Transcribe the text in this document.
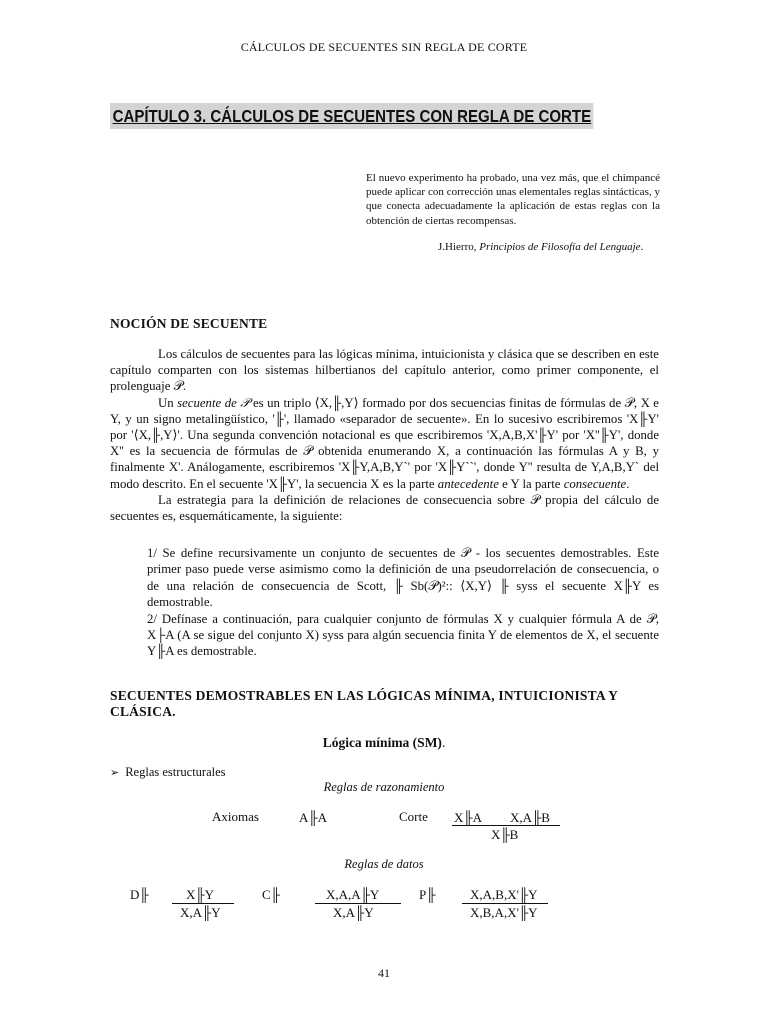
CÁLCULOS DE SECUENTES SIN REGLA DE CORTE
CAPÍTULO 3. CÁLCULOS DE SECUENTES CON REGLA DE CORTE
El nuevo experimento ha probado, una vez más, que el chimpancé puede aplicar con corrección unas elementales reglas sintácticas, y que conecta adecuadamente la aplicación de estas reglas con la obtención de ciertas recompensas.
J.Hierro, Principios de Filosofía del Lenguaje.
NOCIÓN DE SECUENTE

Los cálculos de secuentes para las lógicas mínima, intuicionista y clásica que se describen en este capítulo comparten con los sistemas hilbertianos del capítulo anterior, como primer componente, el prolenguaje 𝒫.

Un secuente de 𝒫 es un triplo ⟨X,╟,Y⟩ formado por dos secuencias finitas de fórmulas de 𝒫, X e Y, y un signo metalingüístico, '╟', llamado «separador de secuente». En lo sucesivo escribiremos 'X╟Y' por '⟨X,╟,Y⟩'. Una segunda convención notacional es que escribiremos 'X,A,B,X'╟Y' por 'X''╟Y', donde X'' es la secuencia de fórmulas de 𝒫 obtenida enumerando X, a continuación las fórmulas A y B, y finalmente X'. Análogamente, escribiremos 'X╟Y,A,B,Y`' por 'X╟Y``', donde Y'' resulta de Y,A,B,Y` del modo descrito. En el secuente 'X╟Y', la secuencia X es la parte antecedente e Y la parte consecuente.

La estrategia para la definición de relaciones de consecuencia sobre 𝒫 propia del cálculo de secuentes es, esquemáticamente, la siguiente:

1/ Se define recursivamente un conjunto de secuentes de 𝒫 - los secuentes demostrables. Este primer paso puede verse asimismo como la definición de una pseudorrelación de consecuencia, o de una relación de consecuencia de Scott, ╟ Sb(𝒫)²:: ⟨X,Y⟩ ╟ syss el secuente X╟Y es demostrable.

2/ Defínase a continuación, para cualquier conjunto de fórmulas X y cualquier fórmula A de 𝒫, X├A (A se sigue del conjunto X) syss para algún secuencia finita Y de elementos de X, el secuente Y╟A es demostrable.

SECUENTES DEMOSTRABLES EN LAS LÓGICAS MÍNIMA, INTUICIONISTA Y
CLÁSICA.
Lógica mínima (SM).
➢ Reglas estructurales
Reglas de razonamiento
Axiomas	A╟A	Corte X╟A X,A╟B
X╟B
Reglas de datos
D╟	X╟Y
X,A╟Y
C╟	X,A,A╟Y
X,A╟Y
P╟	X,A,B,X'╟Y
X,B,A,X'╟Y
41
